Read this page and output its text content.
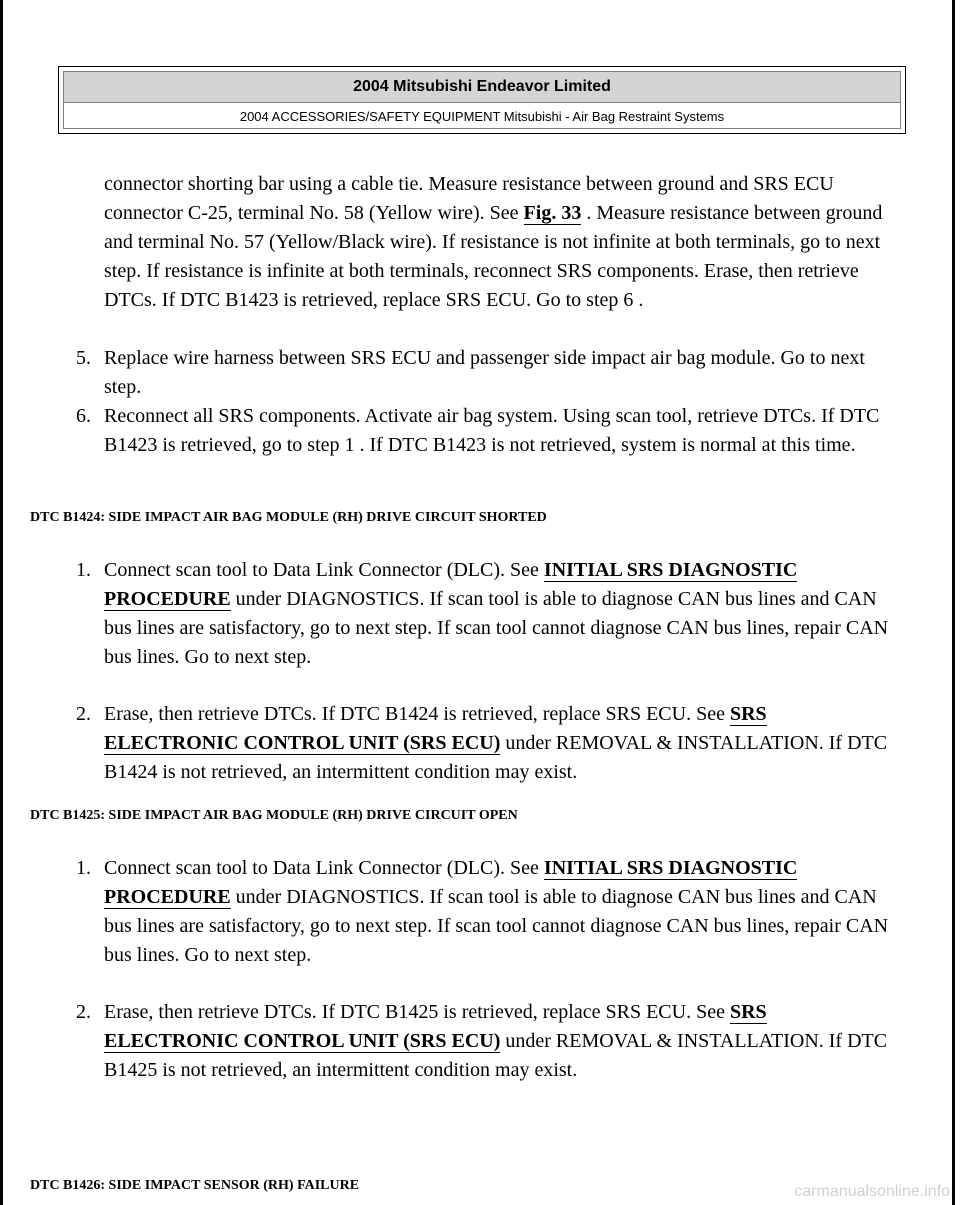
2004 Mitsubishi Endeavor Limited
2004 ACCESSORIES/SAFETY EQUIPMENT Mitsubishi - Air Bag Restraint Systems
connector shorting bar using a cable tie. Measure resistance between ground and SRS ECU connector C-25, terminal No. 58 (Yellow wire). See Fig. 33 . Measure resistance between ground and terminal No. 57 (Yellow/Black wire). If resistance is not infinite at both terminals, go to next step. If resistance is infinite at both terminals, reconnect SRS components. Erase, then retrieve DTCs. If DTC B1423 is retrieved, replace SRS ECU. Go to step 6 .
5. Replace wire harness between SRS ECU and passenger side impact air bag module. Go to next step.
6. Reconnect all SRS components. Activate air bag system. Using scan tool, retrieve DTCs. If DTC B1423 is retrieved, go to step 1 . If DTC B1423 is not retrieved, system is normal at this time.
DTC B1424: SIDE IMPACT AIR BAG MODULE (RH) DRIVE CIRCUIT SHORTED
1. Connect scan tool to Data Link Connector (DLC). See INITIAL SRS DIAGNOSTIC PROCEDURE under DIAGNOSTICS. If scan tool is able to diagnose CAN bus lines and CAN bus lines are satisfactory, go to next step. If scan tool cannot diagnose CAN bus lines, repair CAN bus lines. Go to next step.
2. Erase, then retrieve DTCs. If DTC B1424 is retrieved, replace SRS ECU. See SRS ELECTRONIC CONTROL UNIT (SRS ECU) under REMOVAL & INSTALLATION. If DTC B1424 is not retrieved, an intermittent condition may exist.
DTC B1425: SIDE IMPACT AIR BAG MODULE (RH) DRIVE CIRCUIT OPEN
1. Connect scan tool to Data Link Connector (DLC). See INITIAL SRS DIAGNOSTIC PROCEDURE under DIAGNOSTICS. If scan tool is able to diagnose CAN bus lines and CAN bus lines are satisfactory, go to next step. If scan tool cannot diagnose CAN bus lines, repair CAN bus lines. Go to next step.
2. Erase, then retrieve DTCs. If DTC B1425 is retrieved, replace SRS ECU. See SRS ELECTRONIC CONTROL UNIT (SRS ECU) under REMOVAL & INSTALLATION. If DTC B1425 is not retrieved, an intermittent condition may exist.
DTC B1426: SIDE IMPACT SENSOR (RH) FAILURE	carmanualsonline.info
